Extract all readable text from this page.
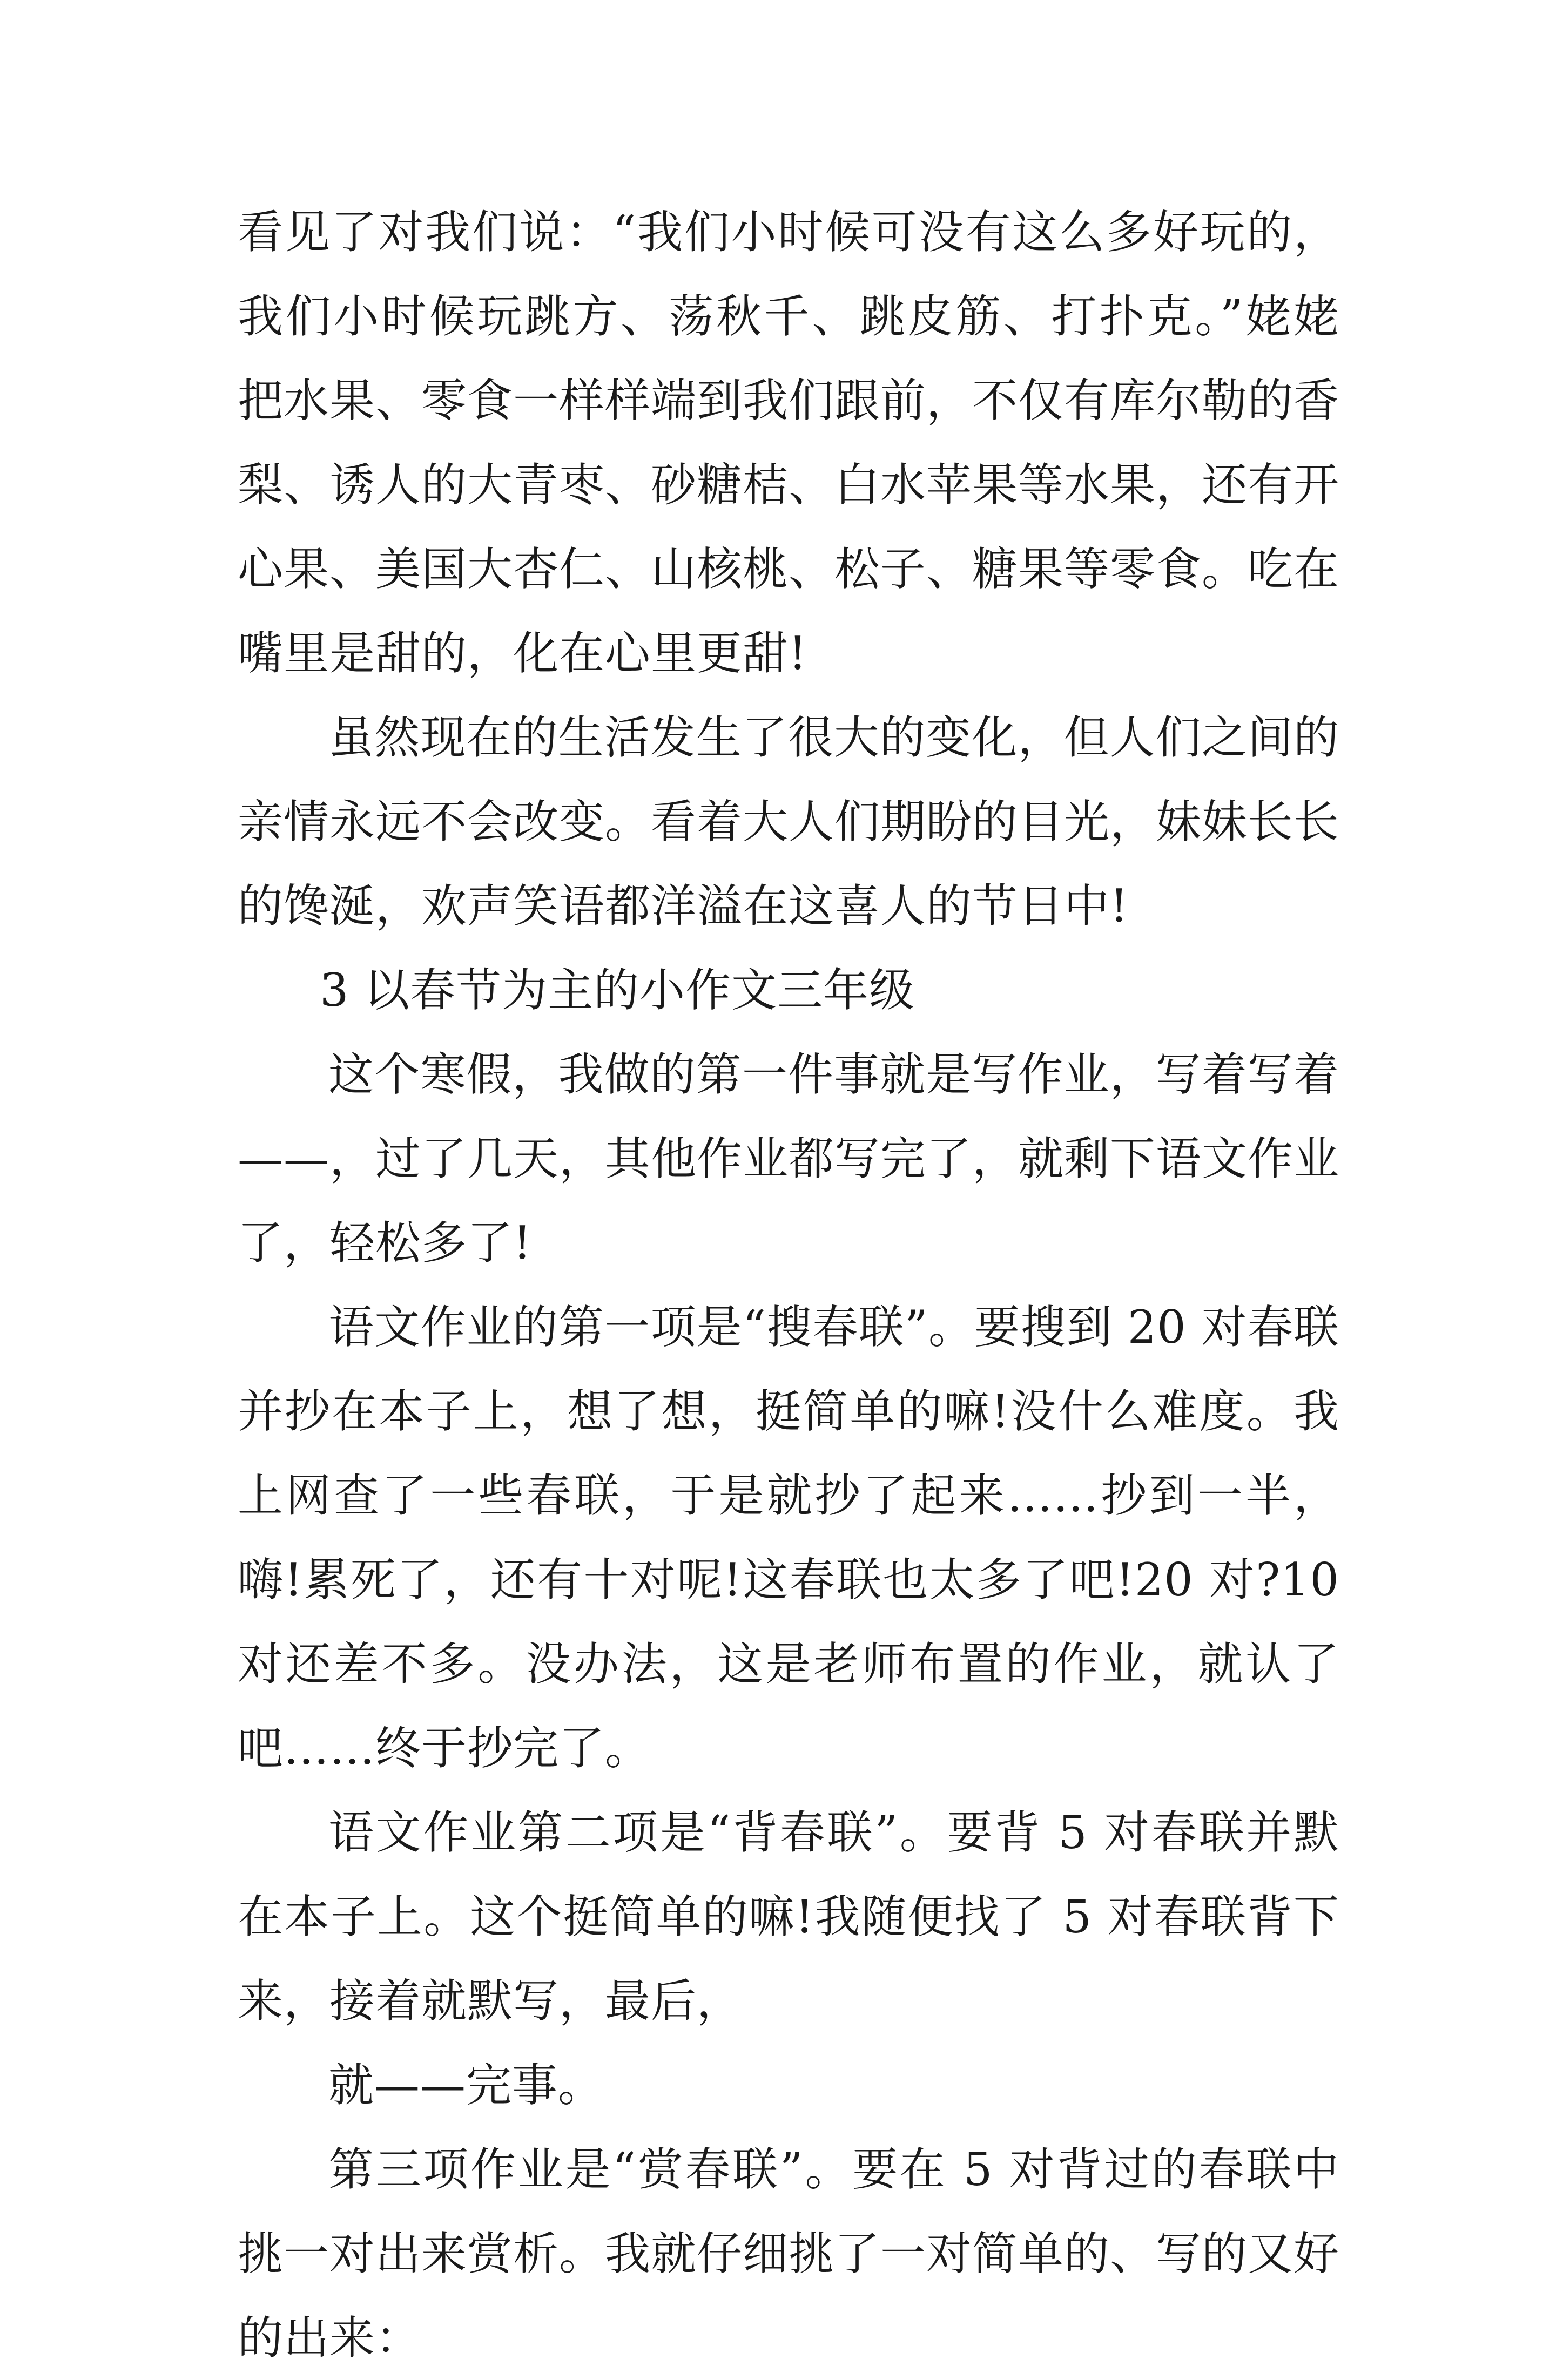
看见了对我们说：“我们小时候可没有这么多好玩的，我们小时候玩跳方、荡秋千、跳皮筋、打扑克。”姥姥把水果、零食一样样端到我们跟前，不仅有库尔勒的香梨、诱人的大青枣、砂糖桔、白水苹果等水果，还有开心果、美国大杏仁、山核桃、松子、糖果等零食。吃在嘴里是甜的，化在心里更甜!

虽然现在的生活发生了很大的变化，但人们之间的亲情永远不会改变。看着大人们期盼的目光，妹妹长长的馋涎，欢声笑语都洋溢在这喜人的节日中!

3 以春节为主的小作文三年级

这个寒假，我做的第一件事就是写作业，写着写着——，过了几天，其他作业都写完了，就剩下语文作业了，轻松多了!

语文作业的第一项是“搜春联”。要搜到 20 对春联并抄在本子上，想了想，挺简单的嘛!没什么难度。我上网查了一些春联，于是就抄了起来……抄到一半，嗨!累死了，还有十对呢!这春联也太多了吧!20 对?10 对还差不多。没办法，这是老师布置的作业，就认了吧……终于抄完了。

语文作业第二项是“背春联”。要背 5 对春联并默在本子上。这个挺简单的嘛!我随便找了 5 对春联背下来，接着就默写，最后，

就——完事。

第三项作业是“赏春联”。要在 5 对背过的春联中挑一对出来赏析。我就仔细挑了一对简单的、写的又好的出来：
